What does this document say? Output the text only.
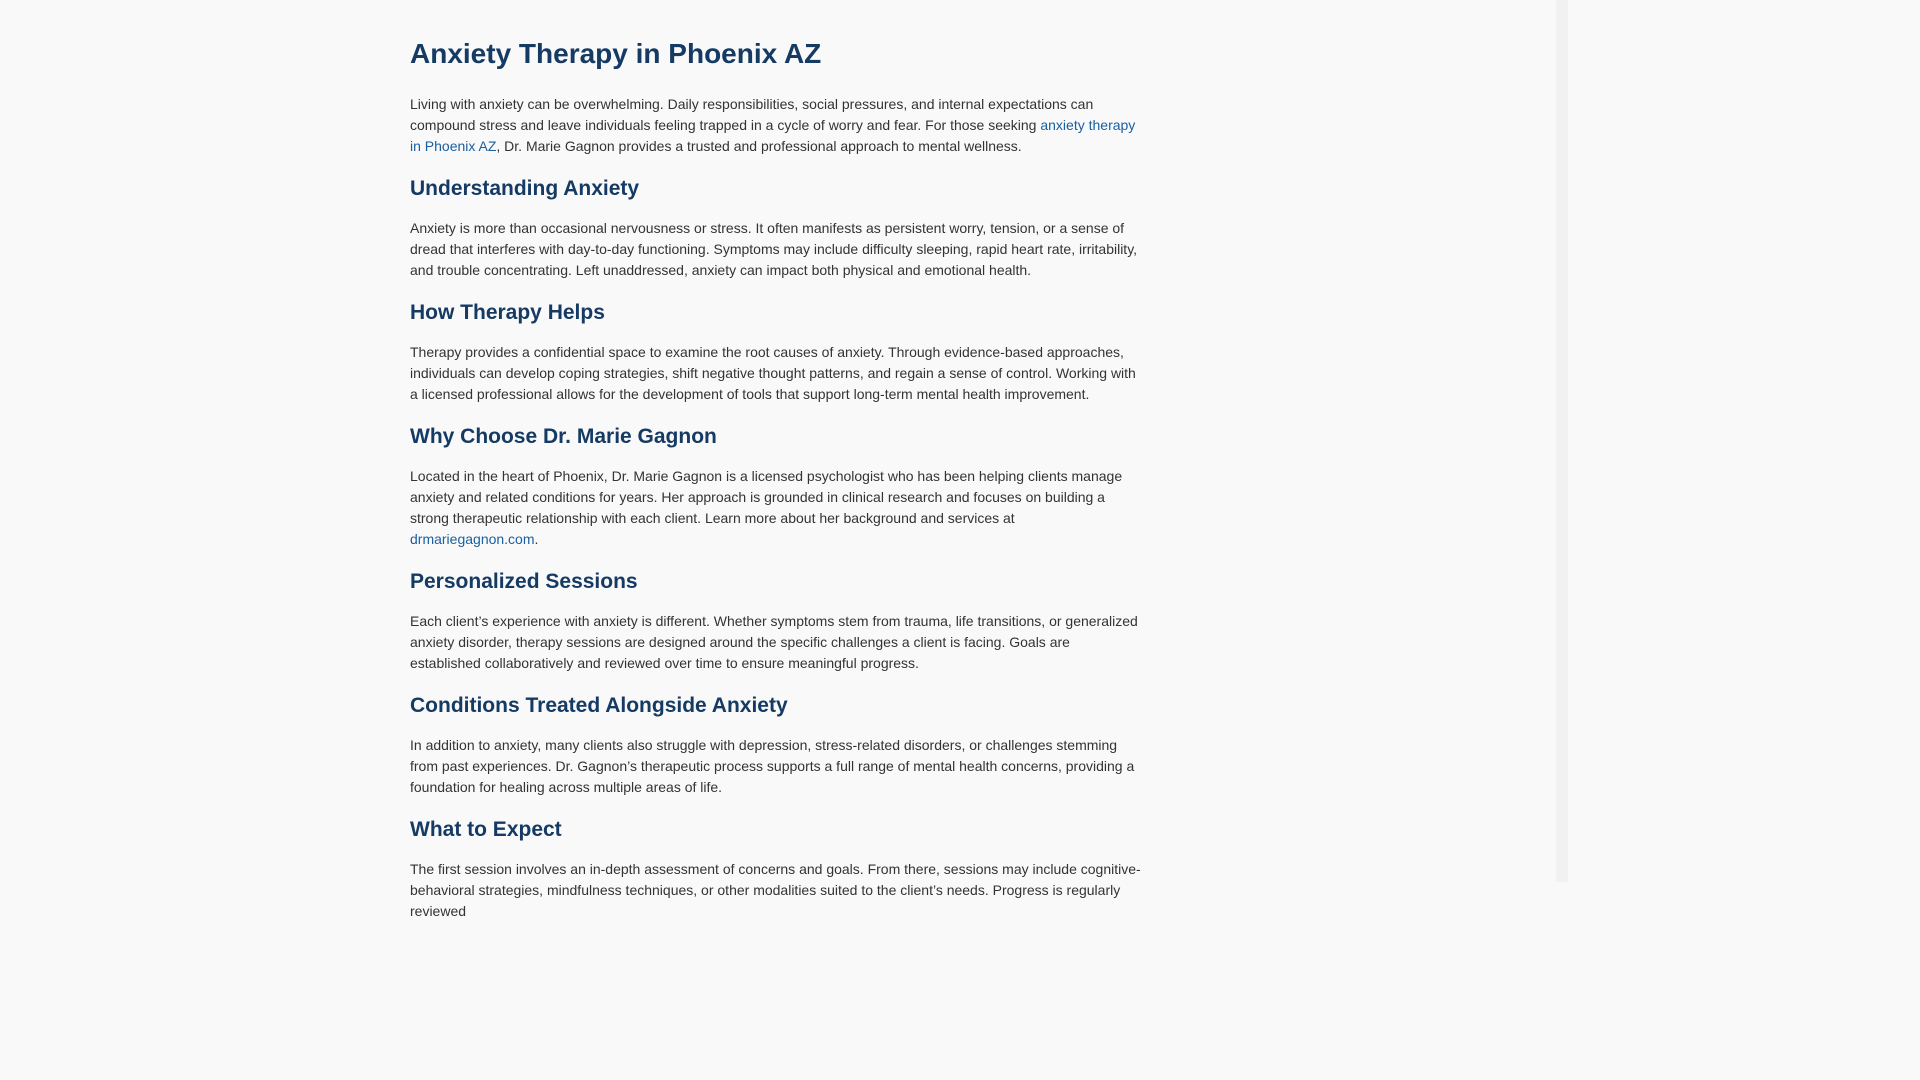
Anxiety Therapy in Phoenix AZ

Living with anxiety can be overwhelming. Daily responsibilities, social pressures, and internal expectations can compound stress and leave individuals feeling trapped in a cycle of worry and fear. For those seeking anxiety therapy in Phoenix AZ, Dr. Marie Gagnon provides a trusted and professional approach to mental wellness.

Understanding Anxiety

Anxiety is more than occasional nervousness or stress. It often manifests as persistent worry, tension, or a sense of dread that interferes with day-to-day functioning. Symptoms may include difficulty sleeping, rapid heart rate, irritability, and trouble concentrating. Left unaddressed, anxiety can impact both physical and emotional health.

How Therapy Helps

Therapy provides a confidential space to examine the root causes of anxiety. Through evidence-based approaches, individuals can develop coping strategies, shift negative thought patterns, and regain a sense of control. Working with a licensed professional allows for the development of tools that support long-term mental health improvement.

Why Choose Dr. Marie Gagnon

Located in the heart of Phoenix, Dr. Marie Gagnon is a licensed psychologist who has been helping clients manage anxiety and related conditions for years. Her approach is grounded in clinical research and focuses on building a strong therapeutic relationship with each client. Learn more about her background and services at drmariegagnon.com.

Personalized Sessions

Each client’s experience with anxiety is different. Whether symptoms stem from trauma, life transitions, or generalized anxiety disorder, therapy sessions are designed around the specific challenges a client is facing. Goals are established collaboratively and reviewed over time to ensure meaningful progress.

Conditions Treated Alongside Anxiety

In addition to anxiety, many clients also struggle with depression, stress-related disorders, or challenges stemming from past experiences. Dr. Gagnon’s therapeutic process supports a full range of mental health concerns, providing a foundation for healing across multiple areas of life.

What to Expect

The first session involves an in-depth assessment of concerns and goals. From there, sessions may include cognitive-behavioral strategies, mindfulness techniques, or other modalities suited to the client’s needs. Progress is regularly reviewed
